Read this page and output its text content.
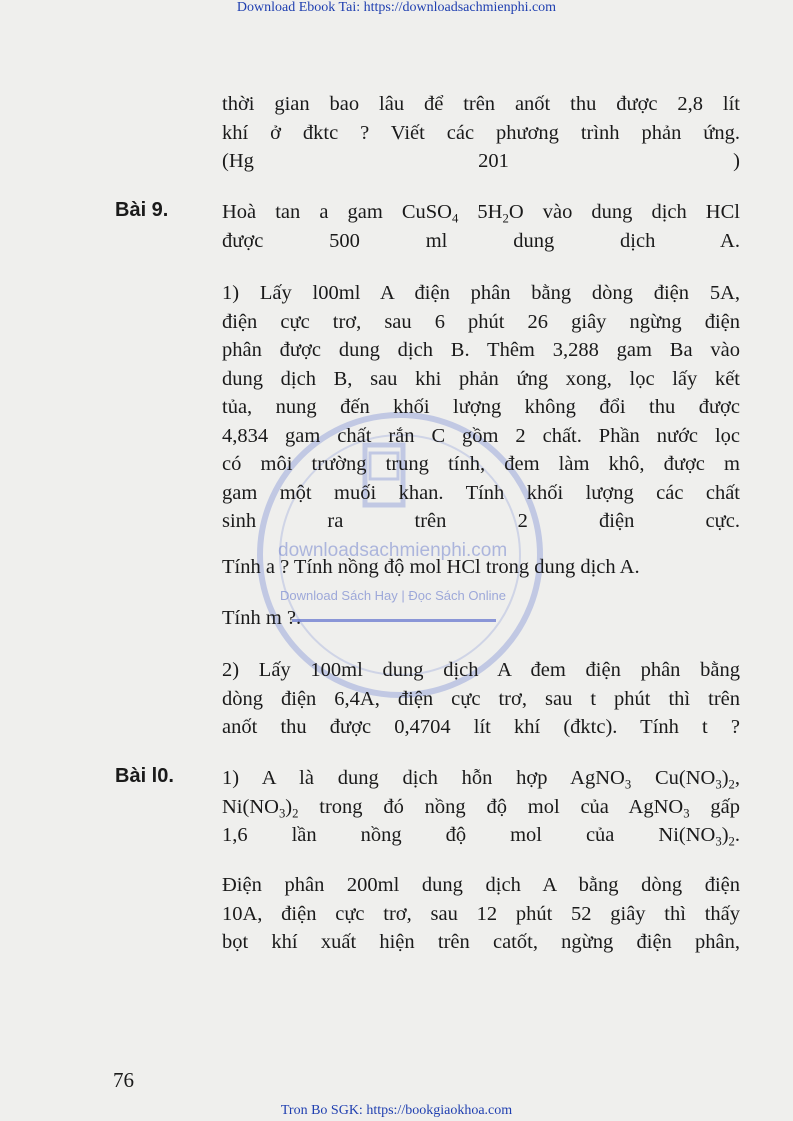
Download Ebook Tai: https://downloadsachmienphi.com
downloadsachmienphi.com
Download Sách Hay | Đọc Sách Online
thời gian bao lâu để trên anốt thu được 2,8 lít
khí ở đktc ? Viết các phương trình phản ứng.
(Hg 201 )
Bài 9.	Hoà tan a gam CuSO$_4$ $5H_2O$ vào dung dịch HCl
được 500 ml dung dịch A.
1) Lấy l00ml A điện phân bằng dòng điện 5A,
điện cực trơ, sau 6 phút 26 giây ngừng điện
phân được dung dịch B. Thêm 3,288 gam Ba vào
dung dịch B, sau khi phản ứng xong, lọc lấy kết
tủa, nung đến khối lượng không đổi thu được
4,834 gam chất rắn C gồm 2 chất. Phần nước lọc
có môi trường trung tính, đem làm khô, được m
gam một muối khan. Tính khối lượng các chất
sinh ra trên 2 điện cực.
Tính a ? Tính nồng độ mol HCl trong dung dịch A.
Tính m ?.
2) Lấy 100ml dung dịch A đem điện phân bằng
dòng điện 6,4A, điện cực trơ, sau t phút thì trên
anốt thu được 0,4704 lít khí (đktc). Tính t ?
Bài l0. 1) A là dung dịch hỗn hợp AgNO$_3$ $Cu(NO_3)_2$,
$Ni(NO_3)_2$ trong đó nồng độ mol của AgNO$_3$ gấp
1,6 lần nồng độ mol của $Ni(NO_3)_2$.
Điện phân 200ml dung dịch A bằng dòng điện
10A, điện cực trơ, sau 12 phút 52 giây thì thấy
bọt khí xuất hiện trên catốt, ngừng điện phân,
76
Tron Bo SGK: https://bookgiaokhoa.com
